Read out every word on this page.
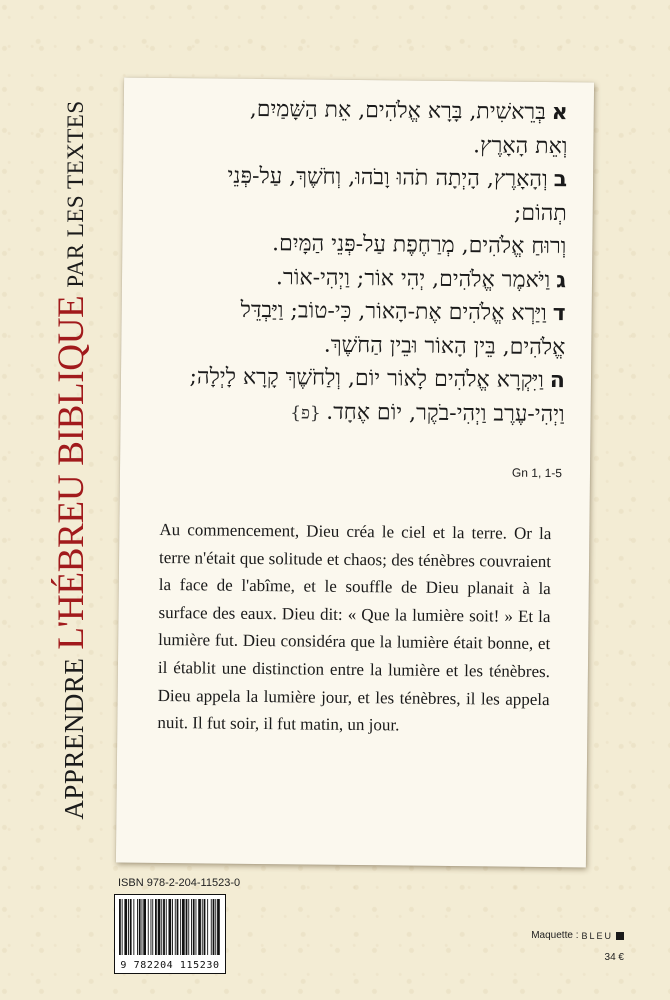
APPRENDRE
L'HÉBREU BIBLIQUE
PAR LES TEXTES	אבְּרֵאשִׁית, בָּרָא אֱלֹהִים, אֵת הַשָּׁמַיִם,
וְאֵת הָאָרֶץ.
בוְהָאָרֶץ, הָיְתָה תֹהוּ וָבֹהוּ, וְחֹשֶׁךְ, עַל-פְּנֵי
תְהוֹם;
וְרוּחַ אֱלֹהִים, מְרַחֶפֶת עַל-פְּנֵי הַמָּיִם.
גוַיֹּאמֶר אֱלֹהִים, יְהִי אוֹר; וַיְהִי-אוֹר.
דוַיַּרְא אֱלֹהִים אֶת-הָאוֹר, כִּי-טוֹב; וַיַּבְדֵּל
אֱלֹהִים, בֵּין הָאוֹר וּבֵין הַחֹשֶׁךְ.
הוַיִּקְרָא אֱלֹהִים לָאוֹר יוֹם, וְלַחֹשֶׁךְ קָרָא לָיְלָה;
וַיְהִי-עֶרֶב וַיְהִי-בֹקֶר, יוֹם אֶחָד. {פ}
Gn 1, 1-5
Au commencement, Dieu créa le ciel et la terre. Or la terre n'était que solitude et chaos; des ténèbres couvraient la face de l'abîme, et le souffle de Dieu planait à la surface des eaux. Dieu dit: « Que la lumière soit! » Et la lumière fut. Dieu considéra que la lumière était bonne, et il établit une distinction entre la lumière et les ténèbres. Dieu appela la lumière jour, et les ténèbres, il les appela nuit. Il fut soir, il fut matin, un jour.
ISBN 978-2-204-11523-0
9 782204 115230
Maquette : BLEU
34 €
